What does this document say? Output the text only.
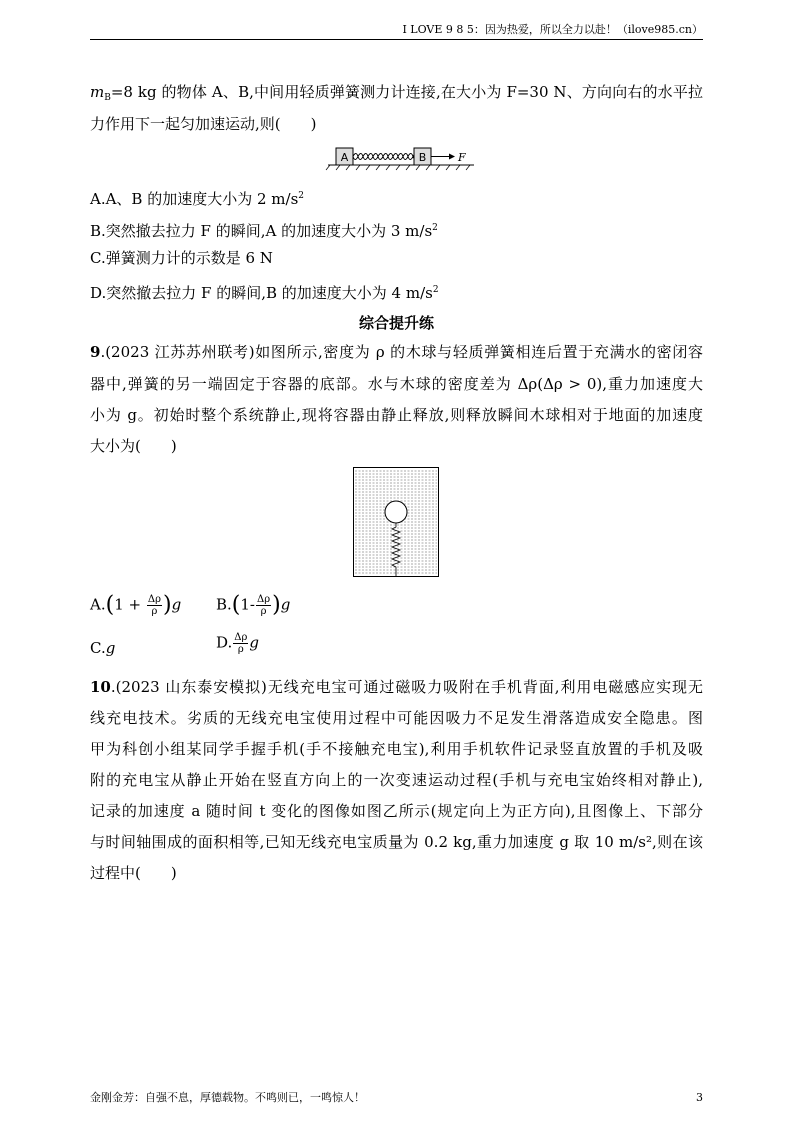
I LOVE 9 8 5：因为热爱，所以全力以赴！（ilove985.cn）
$m_B=8$ kg 的物体 A、B,中间用轻质弹簧测力计连接,在大小为 F=30 N、方向向右的水平拉
力作用下一起匀加速运动,则(　　)
A	B	F
A.A、B 的加速度大小为 2 $m/s^2$
B.突然撤去拉力 F 的瞬间,A 的加速度大小为 3 $m/s^2$
C.弹簧测力计的示数是 6 N
D.突然撤去拉力 F 的瞬间,B 的加速度大小为 4 $m/s^2$
综合提升练
9.(2023 江苏苏州联考)如图所示,密度为 ρ 的木球与轻质弹簧相连后置于充满水的密闭容
器中,弹簧的另一端固定于容器的底部。水与木球的密度差为 Δρ(Δρ > 0),重力加速度大
小为 g。初始时整个系统静止,现将容器由静止释放,则释放瞬间木球相对于地面的加速度
大小为(　　)
$A.(1 + \frac{\Delta\rho}{\rho} )g$ $B.(1- \frac{\Delta\rho}{\rho} )g$
C.g	D. $\frac{\Delta\rho}{\rho}$ g
10.(2023 山东泰安模拟)无线充电宝可通过磁吸力吸附在手机背面,利用电磁感应实现无
线充电技术。劣质的无线充电宝使用过程中可能因吸力不足发生滑落造成安全隐患。图
甲为科创小组某同学手握手机(手不接触充电宝),利用手机软件记录竖直放置的手机及吸
附的充电宝从静止开始在竖直方向上的一次变速运动过程(手机与充电宝始终相对静止),
记录的加速度 a 随时间 t 变化的图像如图乙所示(规定向上为正方向),且图像上、下部分
与时间轴围成的面积相等,已知无线充电宝质量为 0.2 kg,重力加速度 g 取 10 m/s²,则在该
过程中(　　)
金刚金芳：自强不息，厚德载物。不鸣则已，一鸣惊人！	3
